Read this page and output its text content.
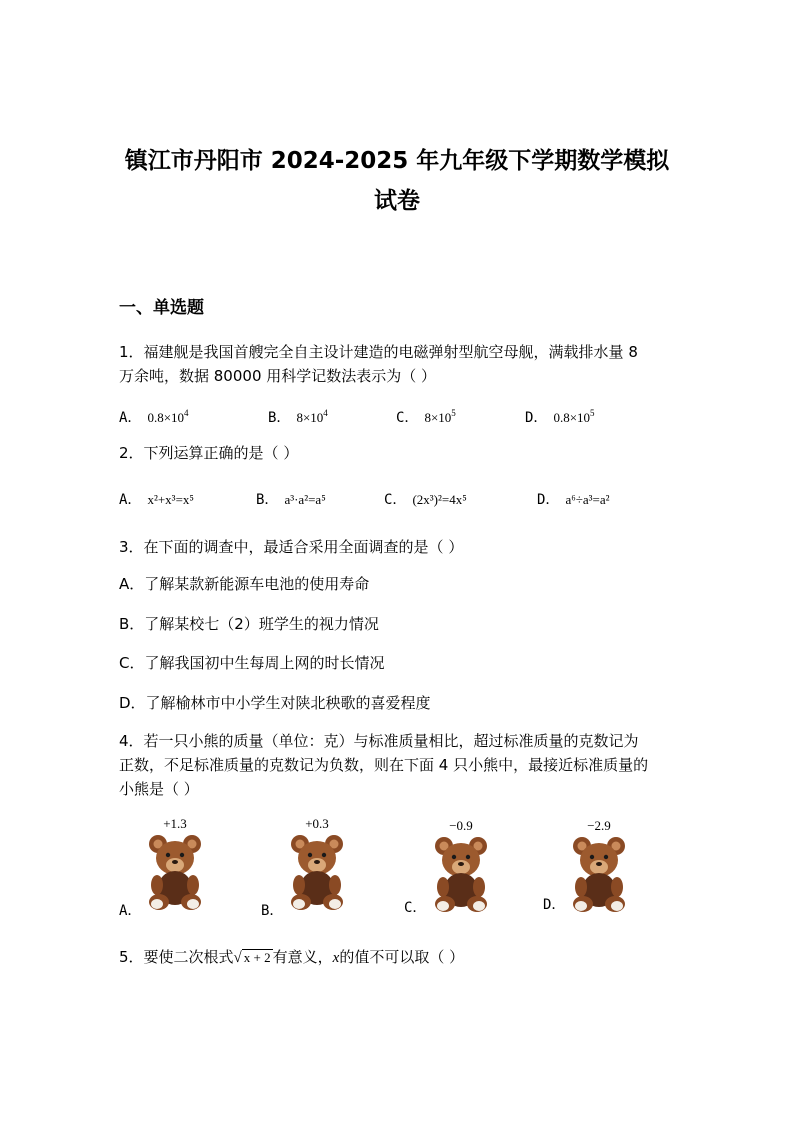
镇江市丹阳市 2024-2025 年九年级下学期数学模拟
试卷
一、单选题
1．福建舰是我国首艘完全自主设计建造的电磁弹射型航空母舰，满载排水量 8
万余吨，数据 80000 用科学记数法表示为（ ）
A． $0.8\times 10^4$	B． $8\times 10^4$	C． $8\times 10^5$	D． $0.8\times 10^5$
2．下列运算正确的是（ ）
A． x²+x³=x⁵	B． a³·a²=a⁵	C． (2x³)²=4x⁵	D． a⁶÷a³=a²
3．在下面的调查中，最适合采用全面调查的是（ ）
A．了解某款新能源车电池的使用寿命
B．了解某校七（2）班学生的视力情况
C．了解我国初中生每周上网的时长情况
D．了解榆林市中小学生对陕北秧歌的喜爱程度
4．若一只小熊的质量（单位：克）与标准质量相比，超过标准质量的克数记为
正数，不足标准质量的克数记为负数，则在下面 4 只小熊中，最接近标准质量的
小熊是（ ）
A．
+1.3
B．
+0.3
C．
−0.9
D．
−2.9
5．要使二次根式√ x + 2 有意义，x的值不可以取（ ）
